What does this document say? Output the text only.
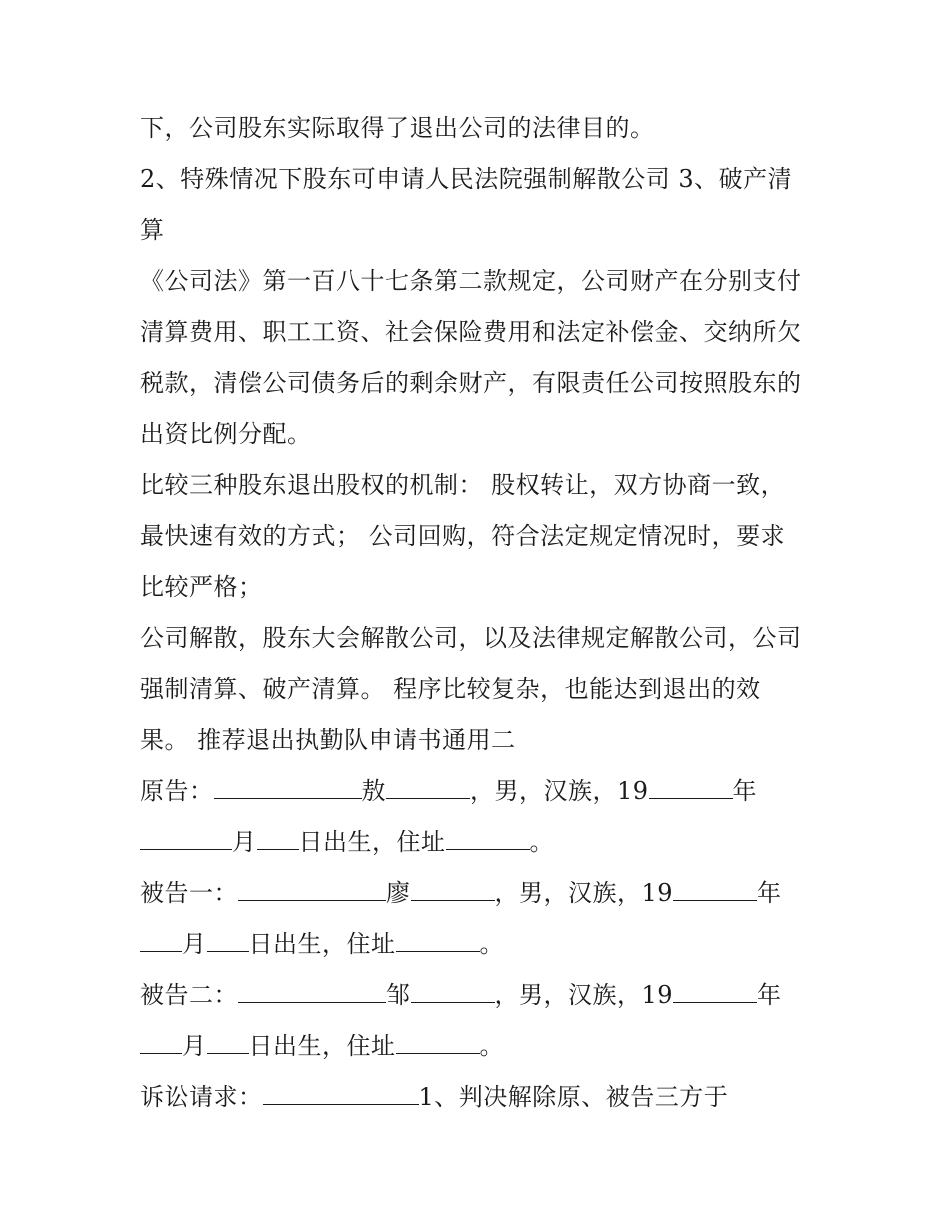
下，公司股东实际取得了退出公司的法律目的。
2、特殊情况下股东可申请人民法院强制解散公司 3、破产清
算
《公司法》第一百八十七条第二款规定，公司财产在分别支付
清算费用、职工工资、社会保险费用和法定补偿金、交纳所欠
税款，清偿公司债务后的剩余财产，有限责任公司按照股东的
出资比例分配。
比较三种股东退出股权的机制： 股权转让，双方协商一致，
最快速有效的方式； 公司回购，符合法定规定情况时，要求
比较严格；
公司解散，股东大会解散公司，以及法律规定解散公司，公司
强制清算、破产清算。 程序比较复杂，也能达到退出的效
果。 推荐退出执勤队申请书通用二
原告：	敖	，男，汉族，19	年
月 日出生，住址	。
被告一：	廖	，男，汉族，19	年
月 日出生，住址	。
被告二：	邹	，男，汉族，19	年
月 日出生，住址	。
诉讼请求：	1、判决解除原、被告三方于
